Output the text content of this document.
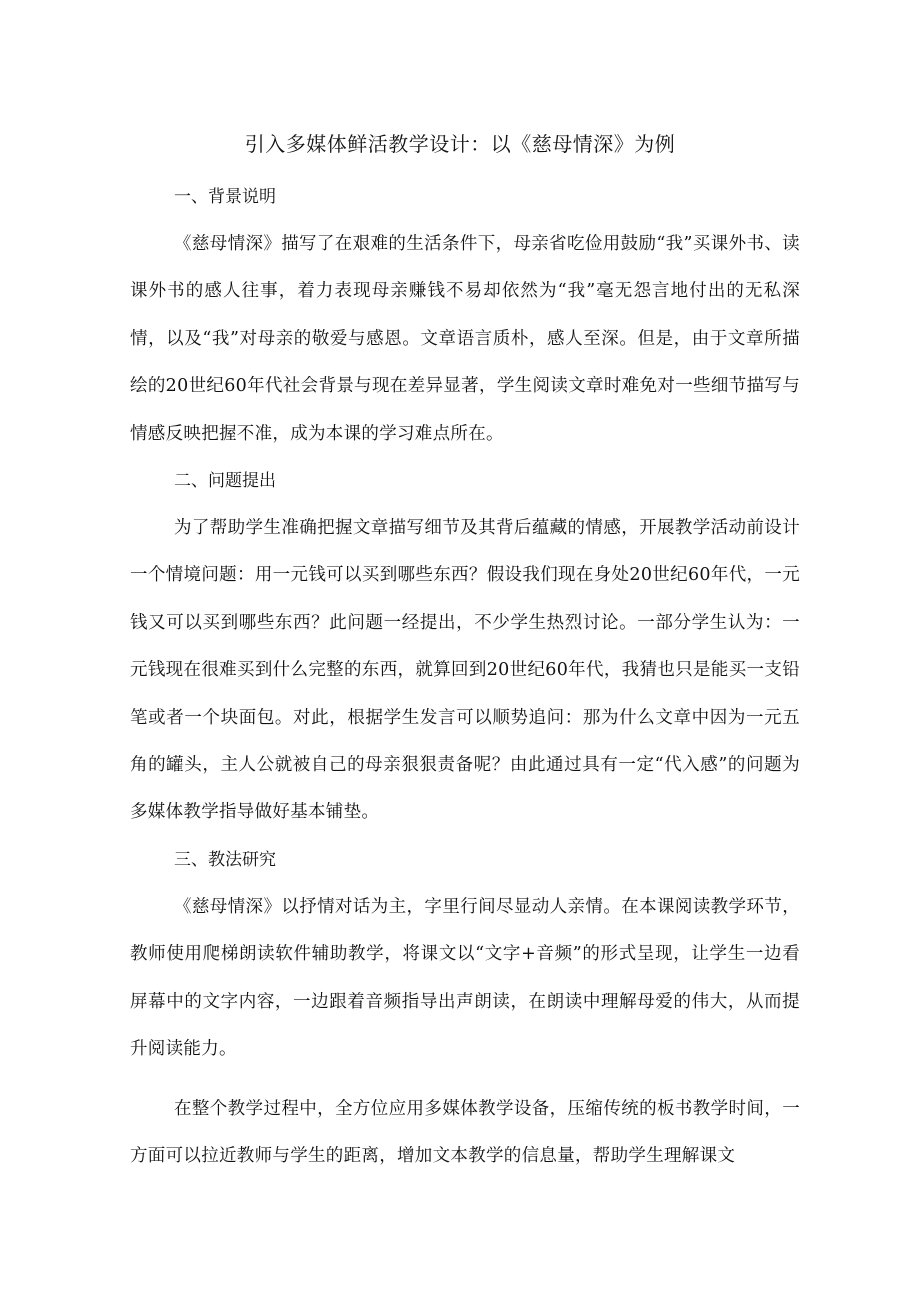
引入多媒体鲜活教学设计：以《慈母情深》为例

一、背景说明

《慈母情深》描写了在艰难的生活条件下，母亲省吃俭用鼓励“我”买课外书、读课外书的感人往事，着力表现母亲赚钱不易却依然为“我”毫无怨言地付出的无私深情，以及“我”对母亲的敬爱与感恩。文章语言质朴，感人至深。但是，由于文章所描绘的20世纪60年代社会背景与现在差异显著，学生阅读文章时难免对一些细节描写与情感反映把握不准，成为本课的学习难点所在。

二、问题提出

为了帮助学生准确把握文章描写细节及其背后蕴藏的情感，开展教学活动前设计一个情境问题：用一元钱可以买到哪些东西？假设我们现在身处20世纪60年代，一元钱又可以买到哪些东西？此问题一经提出，不少学生热烈讨论。一部分学生认为：一元钱现在很难买到什么完整的东西，就算回到20世纪60年代，我猜也只是能买一支铅笔或者一个块面包。对此，根据学生发言可以顺势追问：那为什么文章中因为一元五角的罐头，主人公就被自己的母亲狠狠责备呢？由此通过具有一定“代入感”的问题为多媒体教学指导做好基本铺垫。

三、教法研究

《慈母情深》以抒情对话为主，字里行间尽显动人亲情。在本课阅读教学环节，教师使用爬梯朗读软件辅助教学，将课文以“文字+音频”的形式呈现，让学生一边看屏幕中的文字内容，一边跟着音频指导出声朗读，在朗读中理解母爱的伟大，从而提升阅读能力。

在整个教学过程中，全方位应用多媒体教学设备，压缩传统的板书教学时间，一方面可以拉近教师与学生的距离，增加文本教学的信息量，帮助学生理解课文
